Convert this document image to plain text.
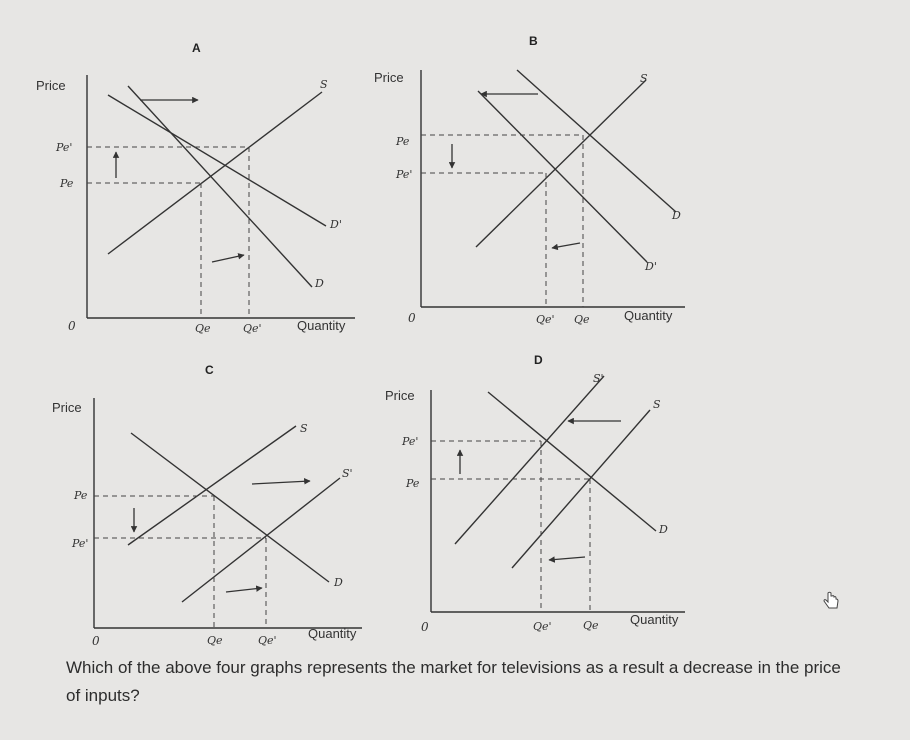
A
Price
0
S
D'
D
Pe'
Pe
Qe	Qe'	Quantity
B
Price
0
S
D
D'
Pe
Pe'
Qe' Qe	Quantity
C
Price
0
S
S'
D
Pe
Pe'
Qe	Qe' Quantity
D
Price
0
S'
S
D
Pe'
Pe
Qe'	Qe Quantity

Which of the above four graphs represents the market for televisions as a result a decrease in the price of inputs?
